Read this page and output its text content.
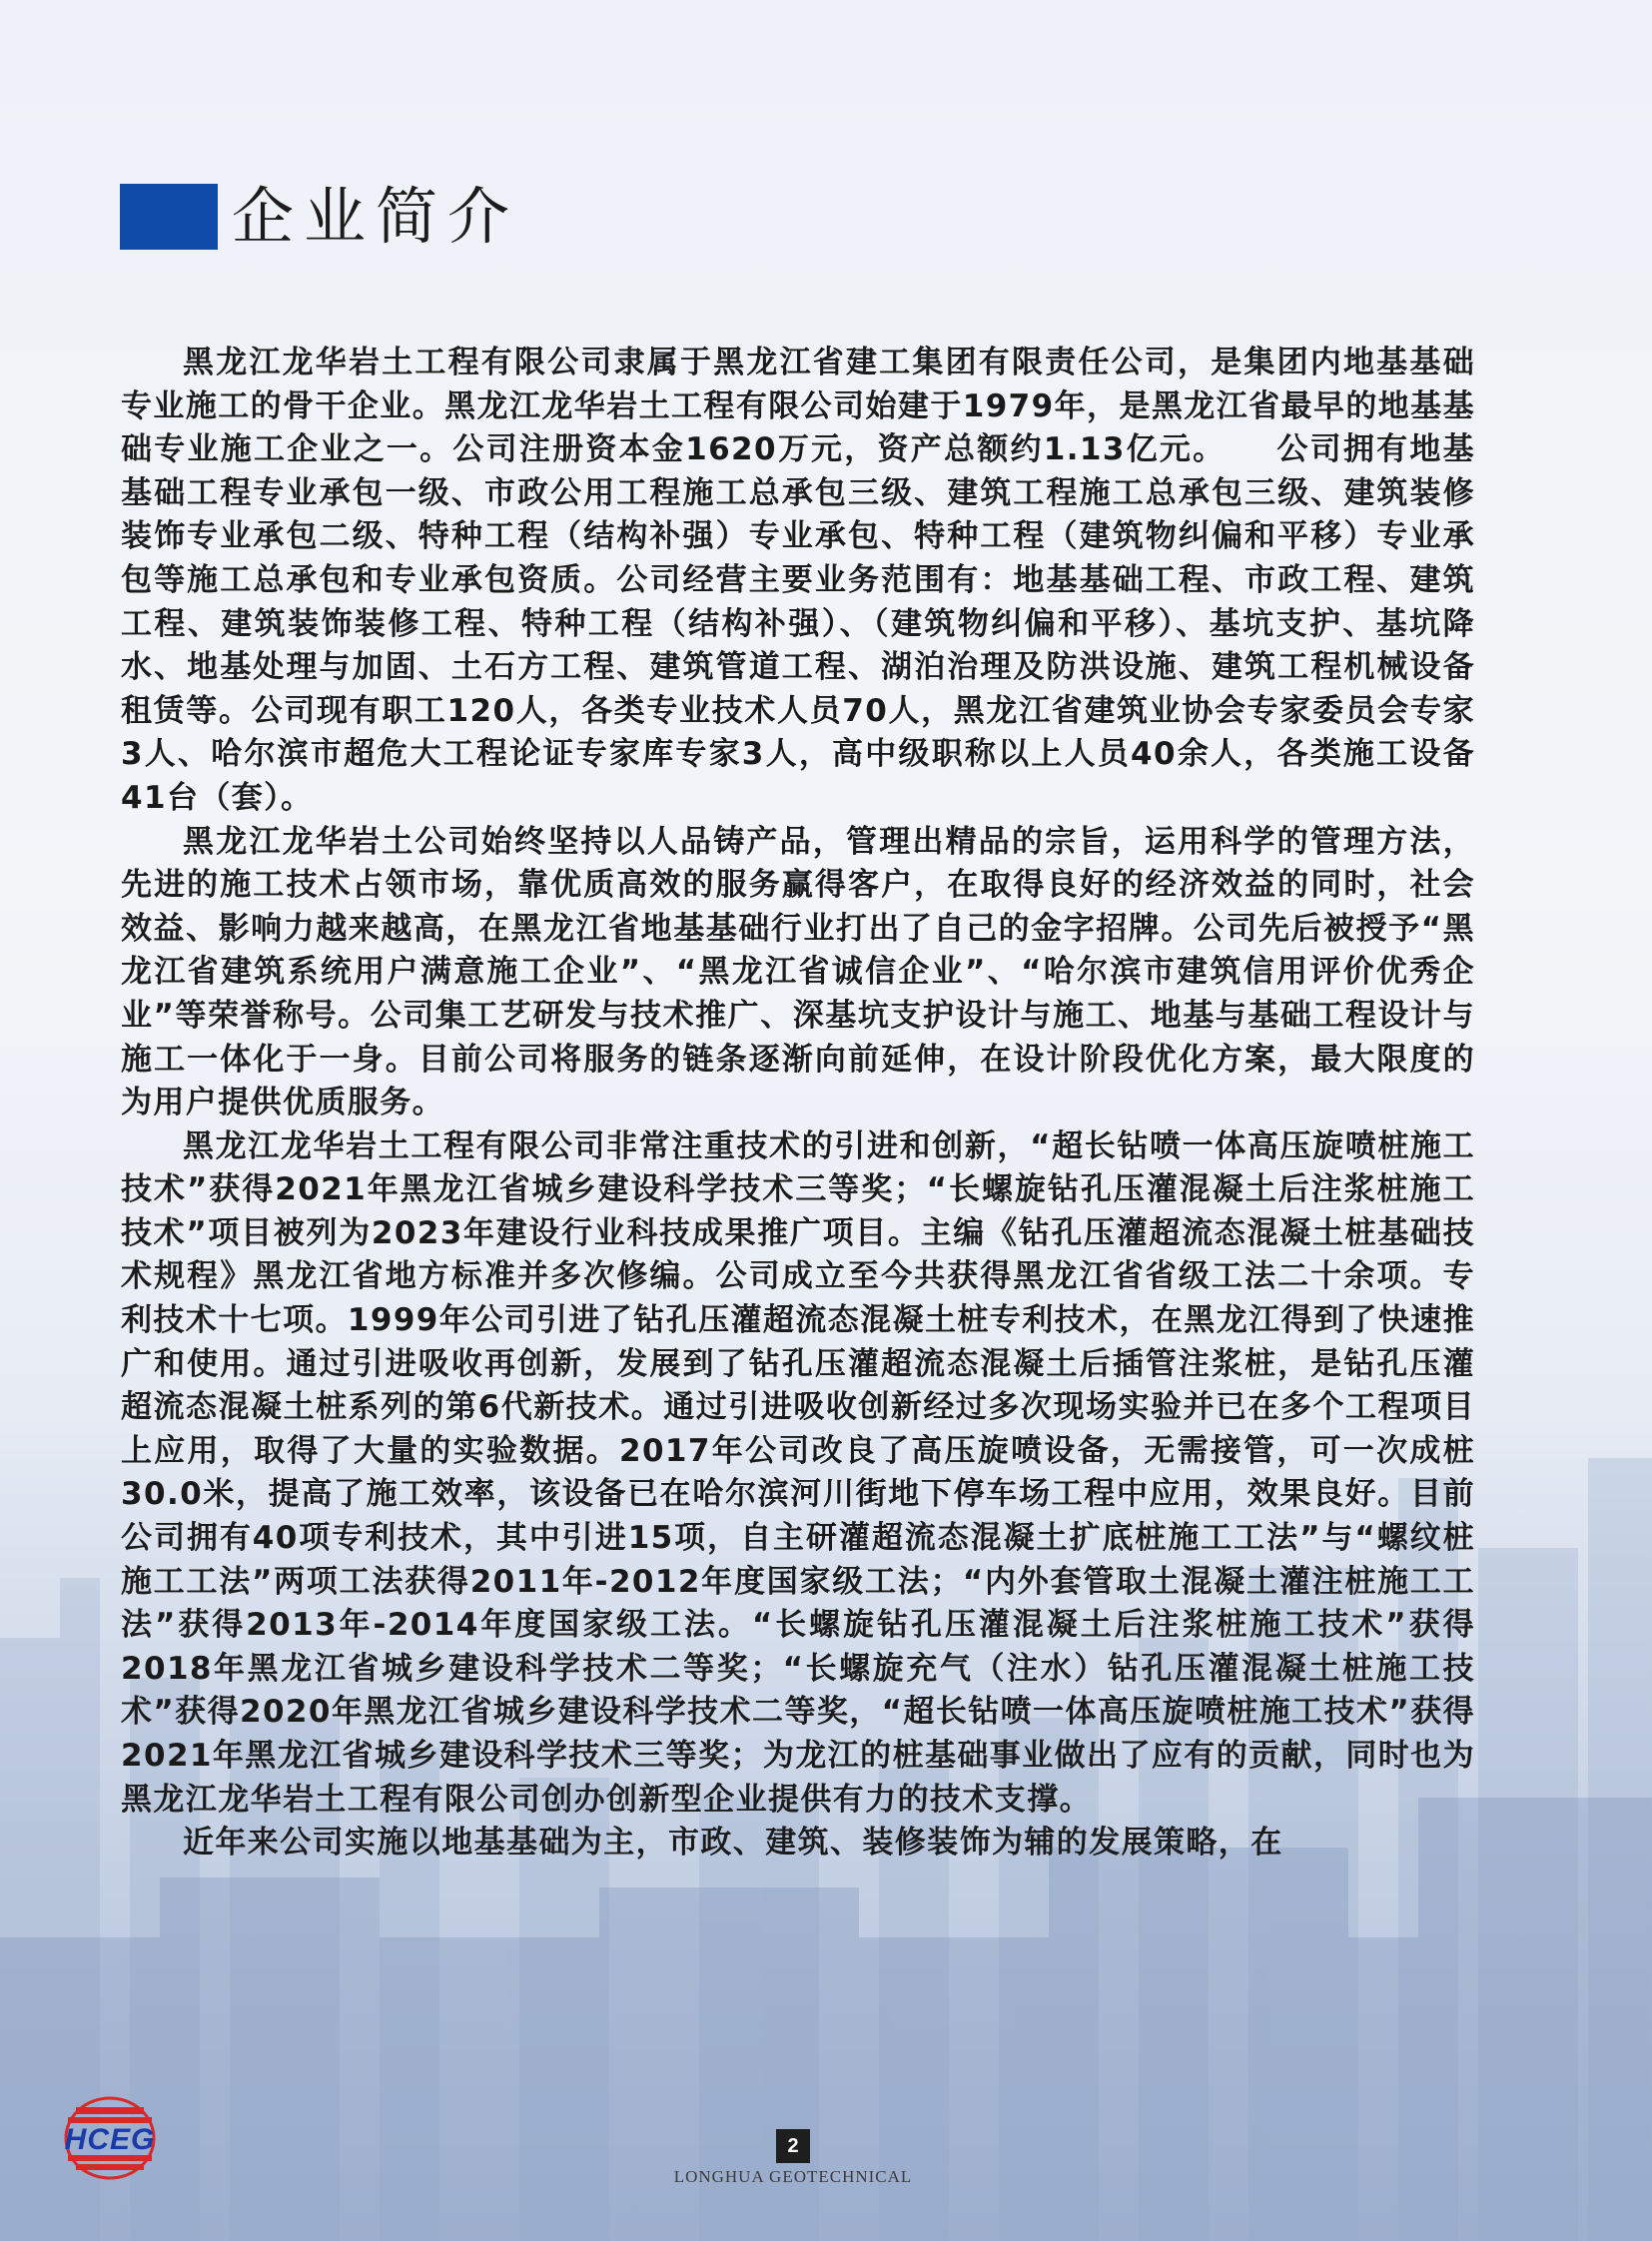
企业简介

黑龙江龙华岩土工程有限公司隶属于黑龙江省建工集团有限责任公司，是集团内地基基础专业施工的骨干企业。黑龙江龙华岩土工程有限公司始建于1979年，是黑龙江省最早的地基基础专业施工企业之一。公司注册资本金1620万元，资产总额约1.13亿元。　　公司拥有地基基础工程专业承包一级、市政公用工程施工总承包三级、建筑工程施工总承包三级、建筑装修装饰专业承包二级、特种工程（结构补强）专业承包、特种工程（建筑物纠偏和平移）专业承包等施工总承包和专业承包资质。公司经营主要业务范围有：地基基础工程、市政工程、建筑工程、建筑装饰装修工程、特种工程（结构补强）、（建筑物纠偏和平移）、基坑支护、基坑降水、地基处理与加固、土石方工程、建筑管道工程、湖泊治理及防洪设施、建筑工程机械设备租赁等。公司现有职工120人，各类专业技术人员70人，黑龙江省建筑业协会专家委员会专家3人、哈尔滨市超危大工程论证专家库专家3人，高中级职称以上人员40余人，各类施工设备41台（套）。

黑龙江龙华岩土公司始终坚持以人品铸产品，管理出精品的宗旨，运用科学的管理方法，先进的施工技术占领市场，靠优质高效的服务赢得客户，在取得良好的经济效益的同时，社会效益、影响力越来越高，在黑龙江省地基基础行业打出了自己的金字招牌。公司先后被授予“黑龙江省建筑系统用户满意施工企业”、“黑龙江省诚信企业”、“哈尔滨市建筑信用评价优秀企业”等荣誉称号。公司集工艺研发与技术推广、深基坑支护设计与施工、地基与基础工程设计与施工一体化于一身。目前公司将服务的链条逐渐向前延伸，在设计阶段优化方案，最大限度的为用户提供优质服务。

黑龙江龙华岩土工程有限公司非常注重技术的引进和创新，“超长钻喷一体高压旋喷桩施工技术”获得2021年黑龙江省城乡建设科学技术三等奖；“长螺旋钻孔压灌混凝土后注浆桩施工技术”项目被列为2023年建设行业科技成果推广项目。主编《钻孔压灌超流态混凝土桩基础技术规程》黑龙江省地方标准并多次修编。公司成立至今共获得黑龙江省省级工法二十余项。专利技术十七项。1999年公司引进了钻孔压灌超流态混凝土桩专利技术，在黑龙江得到了快速推广和使用。通过引进吸收再创新，发展到了钻孔压灌超流态混凝土后插管注浆桩，是钻孔压灌超流态混凝土桩系列的第6代新技术。通过引进吸收创新经过多次现场实验并已在多个工程项目上应用，取得了大量的实验数据。2017年公司改良了高压旋喷设备，无需接管，可一次成桩30.0米，提高了施工效率，该设备已在哈尔滨河川街地下停车场工程中应用，效果良好。目前公司拥有40项专利技术，其中引进15项，自主研灌超流态混凝土扩底桩施工工法”与“螺纹桩施工工法”两项工法获得2011年-2012年度国家级工法；“内外套管取土混凝土灌注桩施工工法”获得2013年-2014年度国家级工法。“长螺旋钻孔压灌混凝土后注浆桩施工技术”获得2018年黑龙江省城乡建设科学技术二等奖；“长螺旋充气（注水）钻孔压灌混凝土桩施工技术”获得2020年黑龙江省城乡建设科学技术二等奖，“超长钻喷一体高压旋喷桩施工技术”获得2021年黑龙江省城乡建设科学技术三等奖；为龙江的桩基础事业做出了应有的贡献，同时也为黑龙江龙华岩土工程有限公司创办创新型企业提供有力的技术支撑。

近年来公司实施以地基基础为主，市政、建筑、装修装饰为辅的发展策略，在

HCEG	2
LONGHUA GEOTECHNICAL
